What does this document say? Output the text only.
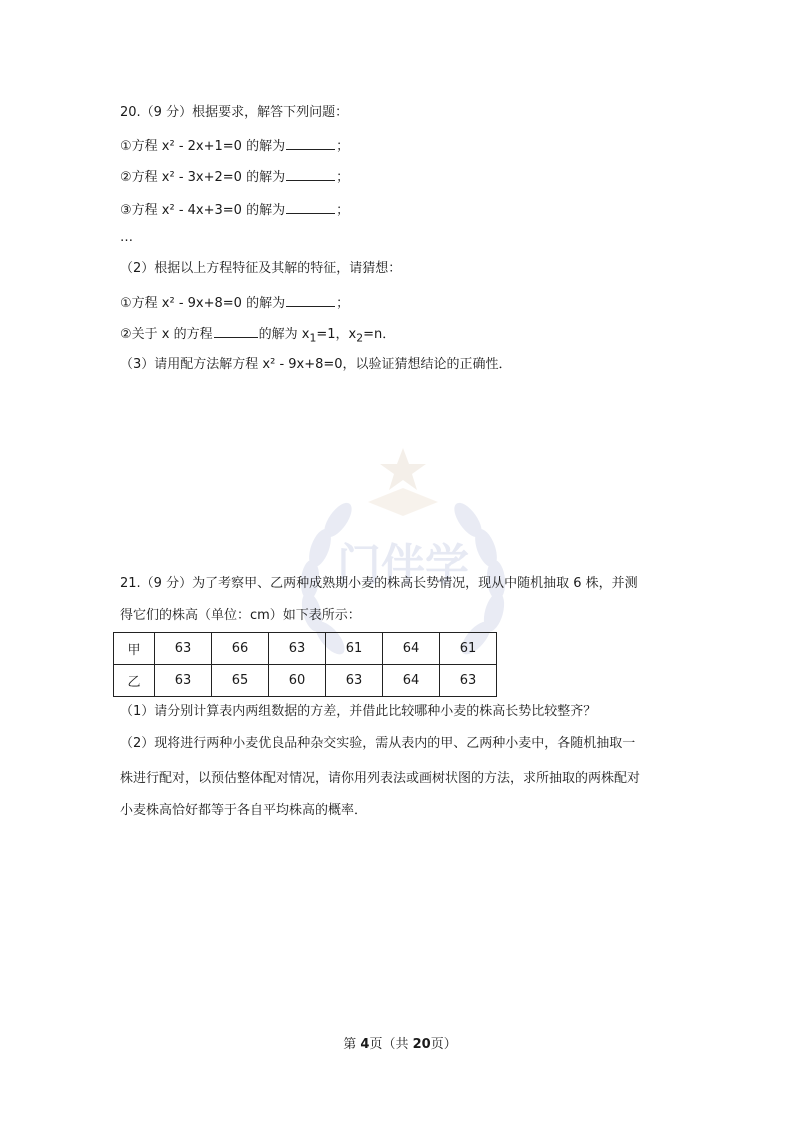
门伴学
20.（9 分）根据要求，解答下列问题：
①方程 x² - 2x+1=0 的解为	；
②方程 x² - 3x+2=0 的解为	；
③方程 x² - 4x+3=0 的解为	；
…
（2）根据以上方程特征及其解的特征，请猜想：
①方程 x² - 9x+8=0 的解为	；
②关于 x 的方程	的解为 $x_1=1$，$x_2=n$．
（3）请用配方法解方程 x² - 9x+8=0，以验证猜想结论的正确性．
21.（9 分）为了考察甲、乙两种成熟期小麦的株高长势情况，现从中随机抽取 6 株，并测
得它们的株高（单位：cm）如下表所示：
甲	63	66	63	61	64	61
乙	63	65	60	63	64	63
（1）请分别计算表内两组数据的方差，并借此比较哪种小麦的株高长势比较整齐？
（2）现将进行两种小麦优良品种杂交实验，需从表内的甲、乙两种小麦中，各随机抽取一
株进行配对，以预估整体配对情况，请你用列表法或画树状图的方法，求所抽取的两株配对
小麦株高恰好都等于各自平均株高的概率．
第 4页（共 20页）
